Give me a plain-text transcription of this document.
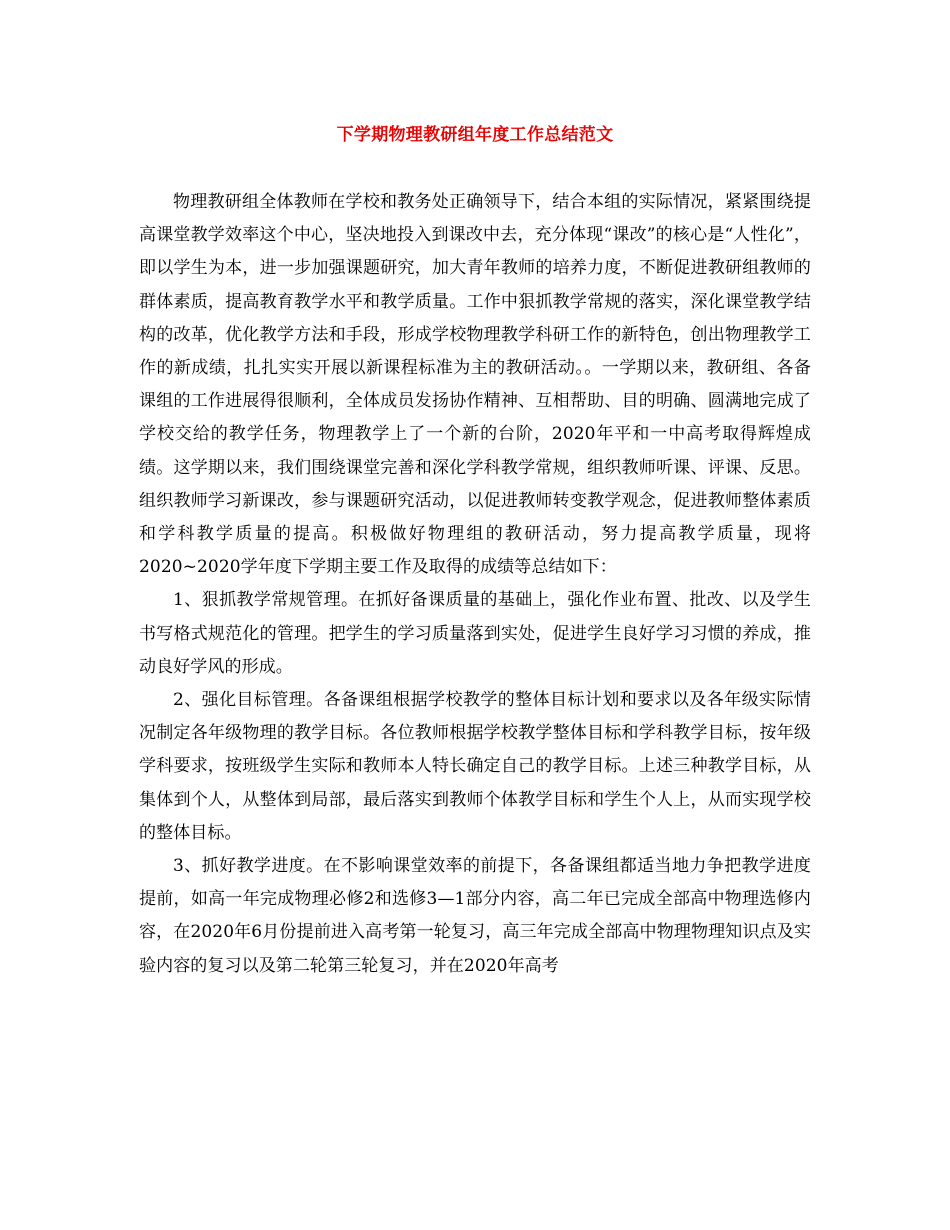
下学期物理教研组年度工作总结范文

物理教研组全体教师在学校和教务处正确领导下，结合本组的实际情况，紧紧围绕提高课堂教学效率这个中心，坚决地投入到课改中去，充分体现“课改”的核心是“人性化”，即以学生为本，进一步加强课题研究，加大青年教师的培养力度，不断促进教研组教师的群体素质，提高教育教学水平和教学质量。工作中狠抓教学常规的落实，深化课堂教学结构的改革，优化教学方法和手段，形成学校物理教学科研工作的新特色，创出物理教学工作的新成绩，扎扎实实开展以新课程标准为主的教研活动。。一学期以来，教研组、各备课组的工作进展得很顺利，全体成员发扬协作精神、互相帮助、目的明确、圆满地完成了学校交给的教学任务，物理教学上了一个新的台阶，2020年平和一中高考取得辉煌成绩。这学期以来，我们围绕课堂完善和深化学科教学常规，组织教师听课、评课、反思。组织教师学习新课改，参与课题研究活动，以促进教师转变教学观念，促进教师整体素质和学科教学质量的提高。积极做好物理组的教研活动，努力提高教学质量，现将2020~2020学年度下学期主要工作及取得的成绩等总结如下：

1、狠抓教学常规管理。在抓好备课质量的基础上，强化作业布置、批改、以及学生书写格式规范化的管理。把学生的学习质量落到实处，促进学生良好学习习惯的养成，推动良好学风的形成。

2、强化目标管理。各备课组根据学校教学的整体目标计划和要求以及各年级实际情况制定各年级物理的教学目标。各位教师根据学校教学整体目标和学科教学目标，按年级学科要求，按班级学生实际和教师本人特长确定自己的教学目标。上述三种教学目标，从集体到个人，从整体到局部，最后落实到教师个体教学目标和学生个人上，从而实现学校的整体目标。

3、抓好教学进度。在不影响课堂效率的前提下，各备课组都适当地力争把教学进度提前，如高一年完成物理必修2和选修3—1部分内容，高二年已完成全部高中物理选修内容，在2020年6月份提前进入高考第一轮复习，高三年完成全部高中物理物理知识点及实验内容的复习以及第二轮第三轮复习，并在2020年高考
